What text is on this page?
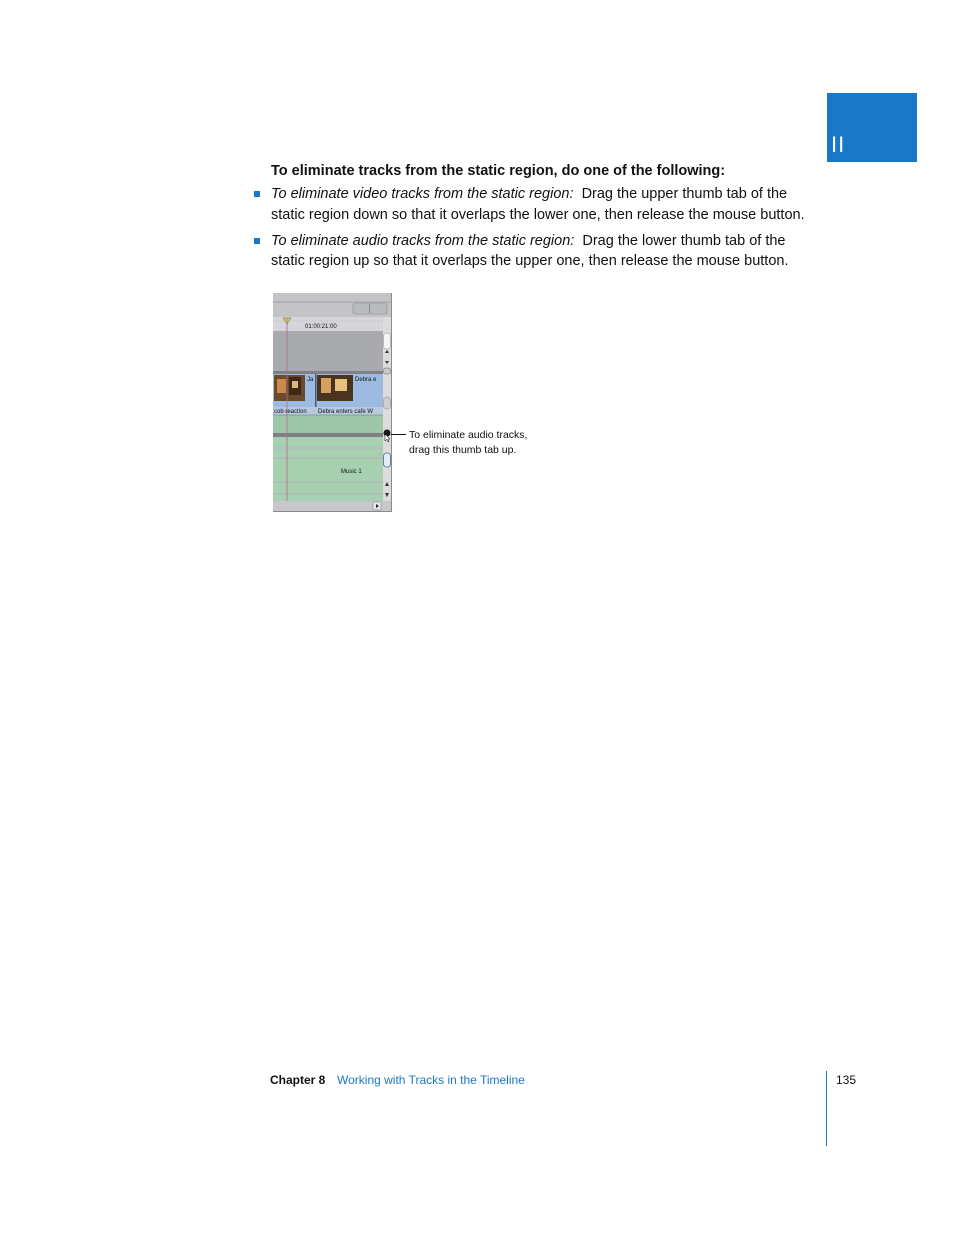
II
To eliminate tracks from the static region, do one of the following:
To eliminate video tracks from the static region: Drag the upper thumb tab of the static region down so that it overlaps the lower one, then release the mouse button.
To eliminate audio tracks from the static region: Drag the lower thumb tab of the static region up so that it overlaps the upper one, then release the mouse button.
01:00:21:00
Ja	Debra e
cob reaction Debra enters cafe W
Music 1
To eliminate audio tracks,
drag this thumb tab up.
Chapter 8 Working with Tracks in the Timeline	135
